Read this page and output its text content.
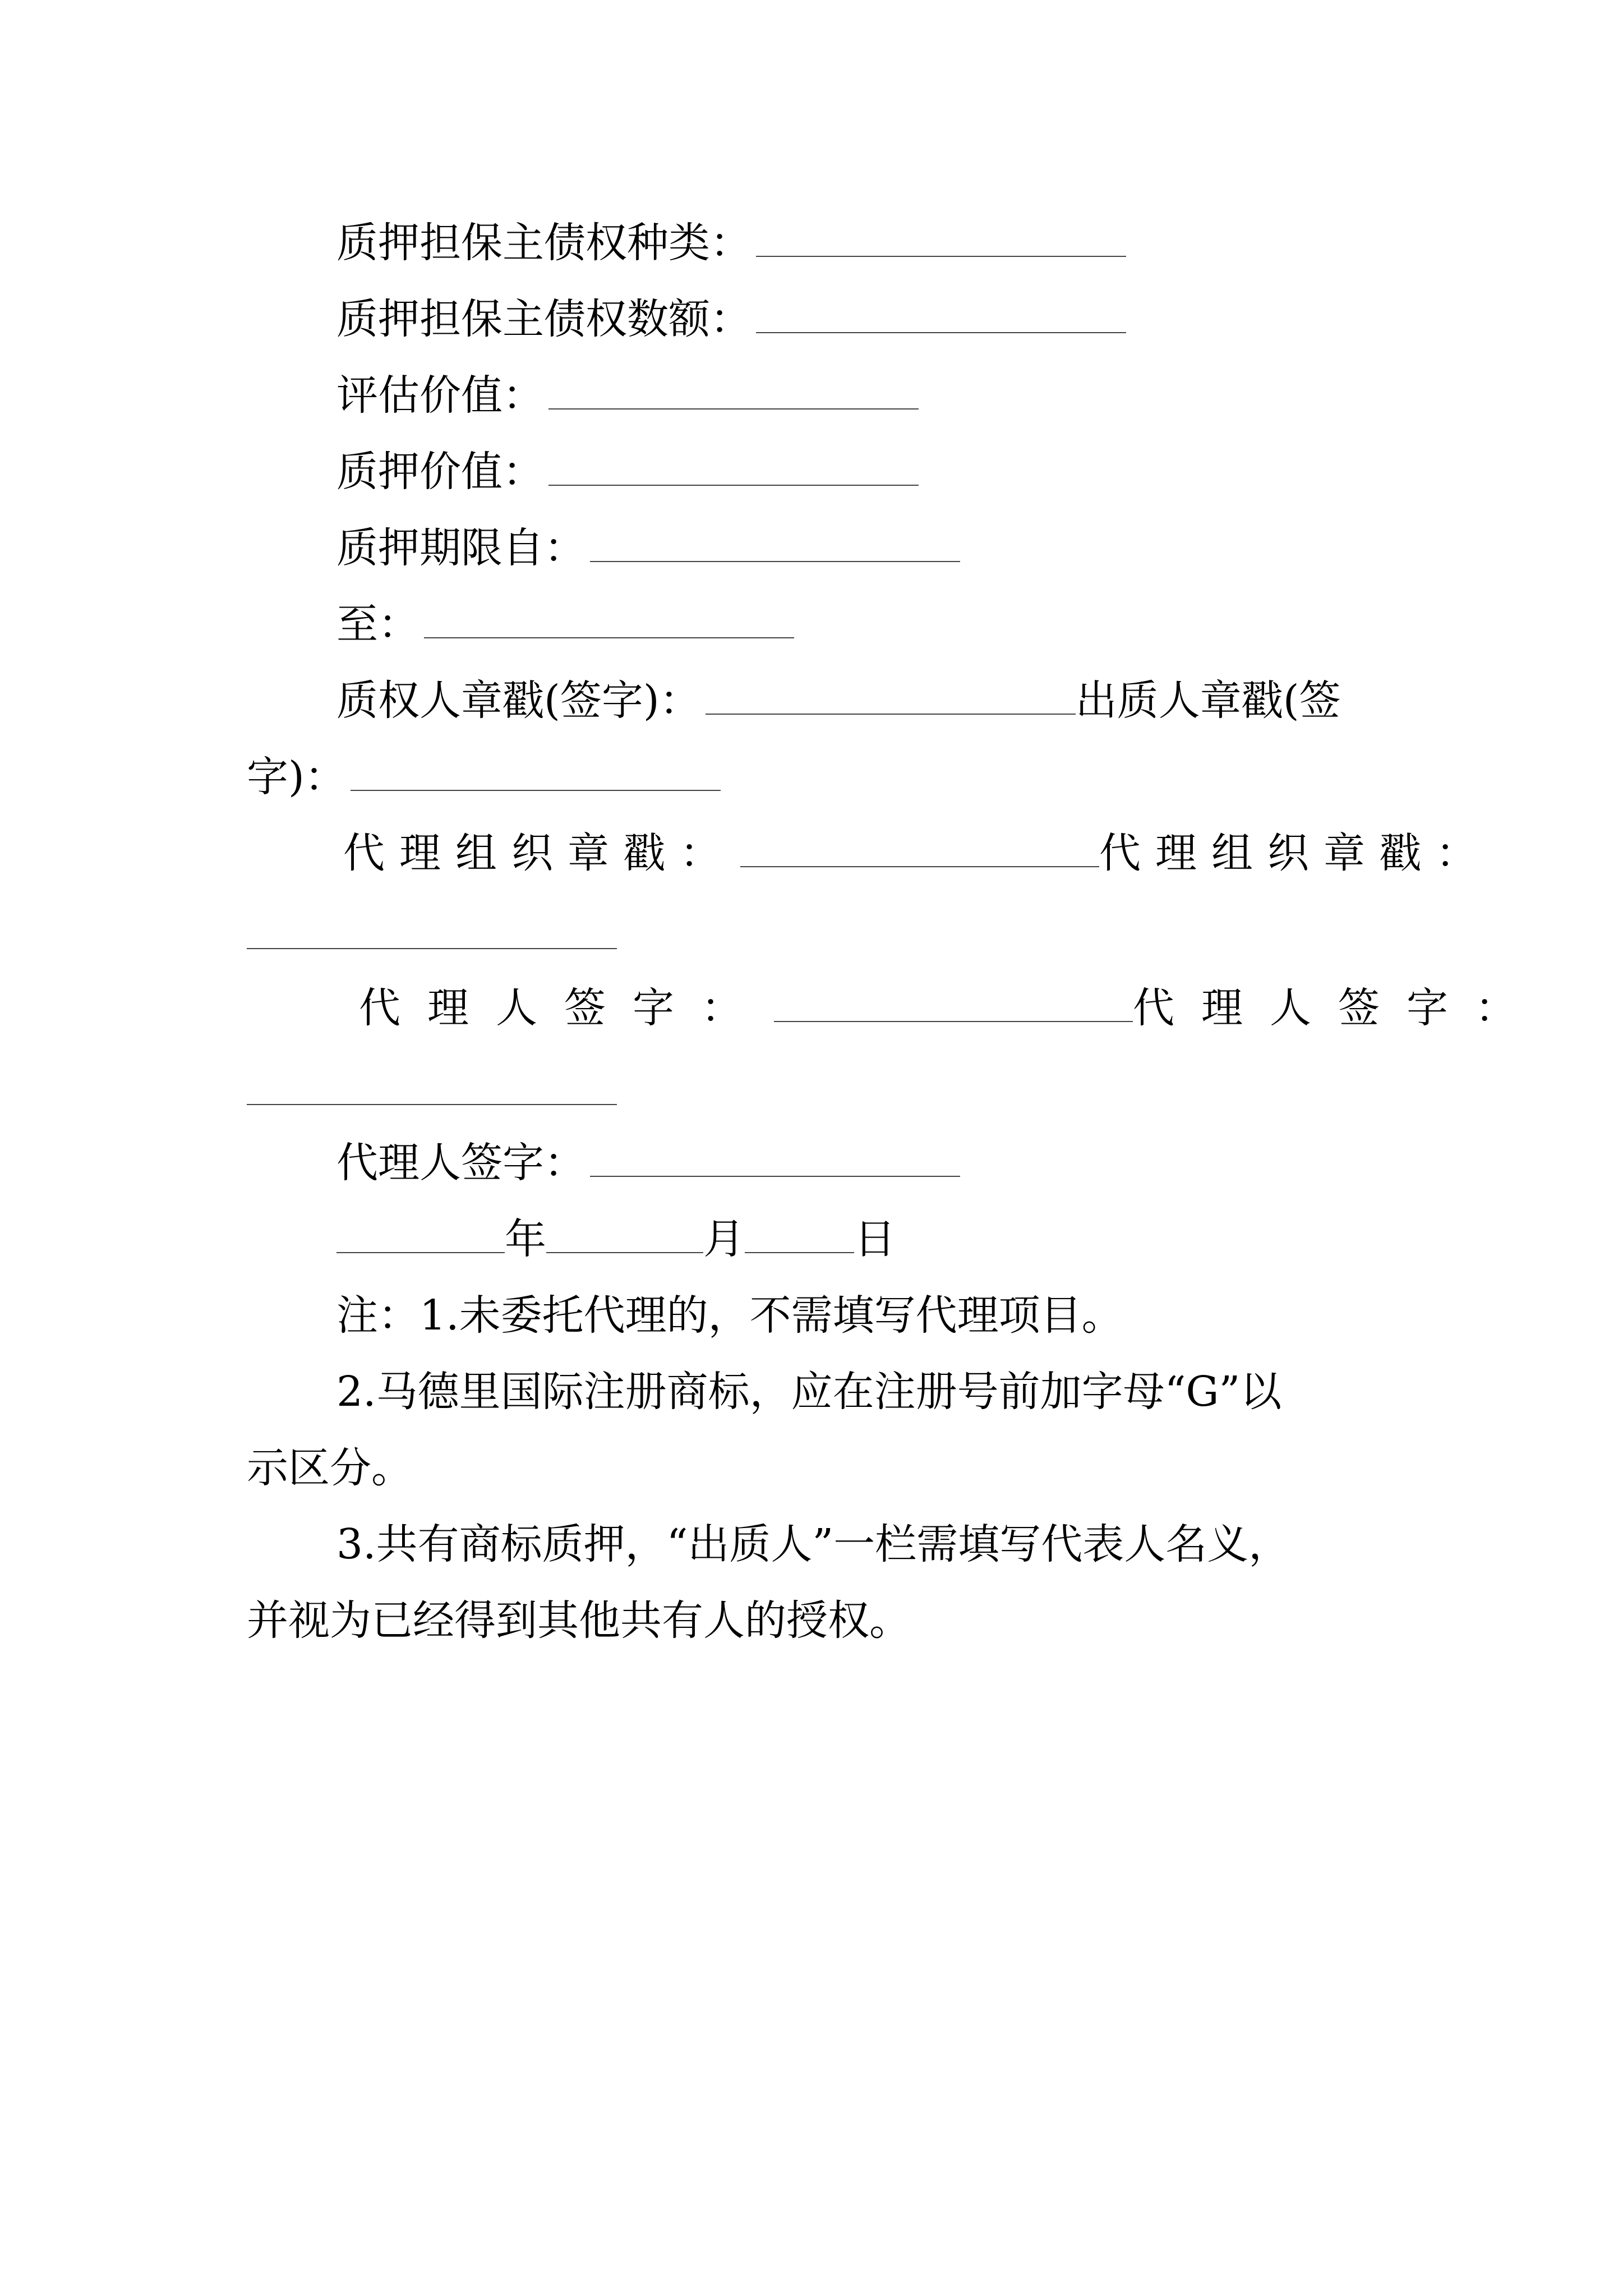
质押担保主债权种类：
质押担保主债权数额：
评估价值：
质押价值：
质押期限自：
至：
质权人章戳(签字)：	出质人章戳(签
字)：
代理组织章戳：	代理组织章戳：
代理人签字：	代理人签字：
代理人签字：
年	月	日
注：1.未委托代理的，不需填写代理项目。
2.马德里国际注册商标，应在注册号前加字母“G”以
示区分。
3.共有商标质押，“出质人”一栏需填写代表人名义，
并视为已经得到其他共有人的授权。
